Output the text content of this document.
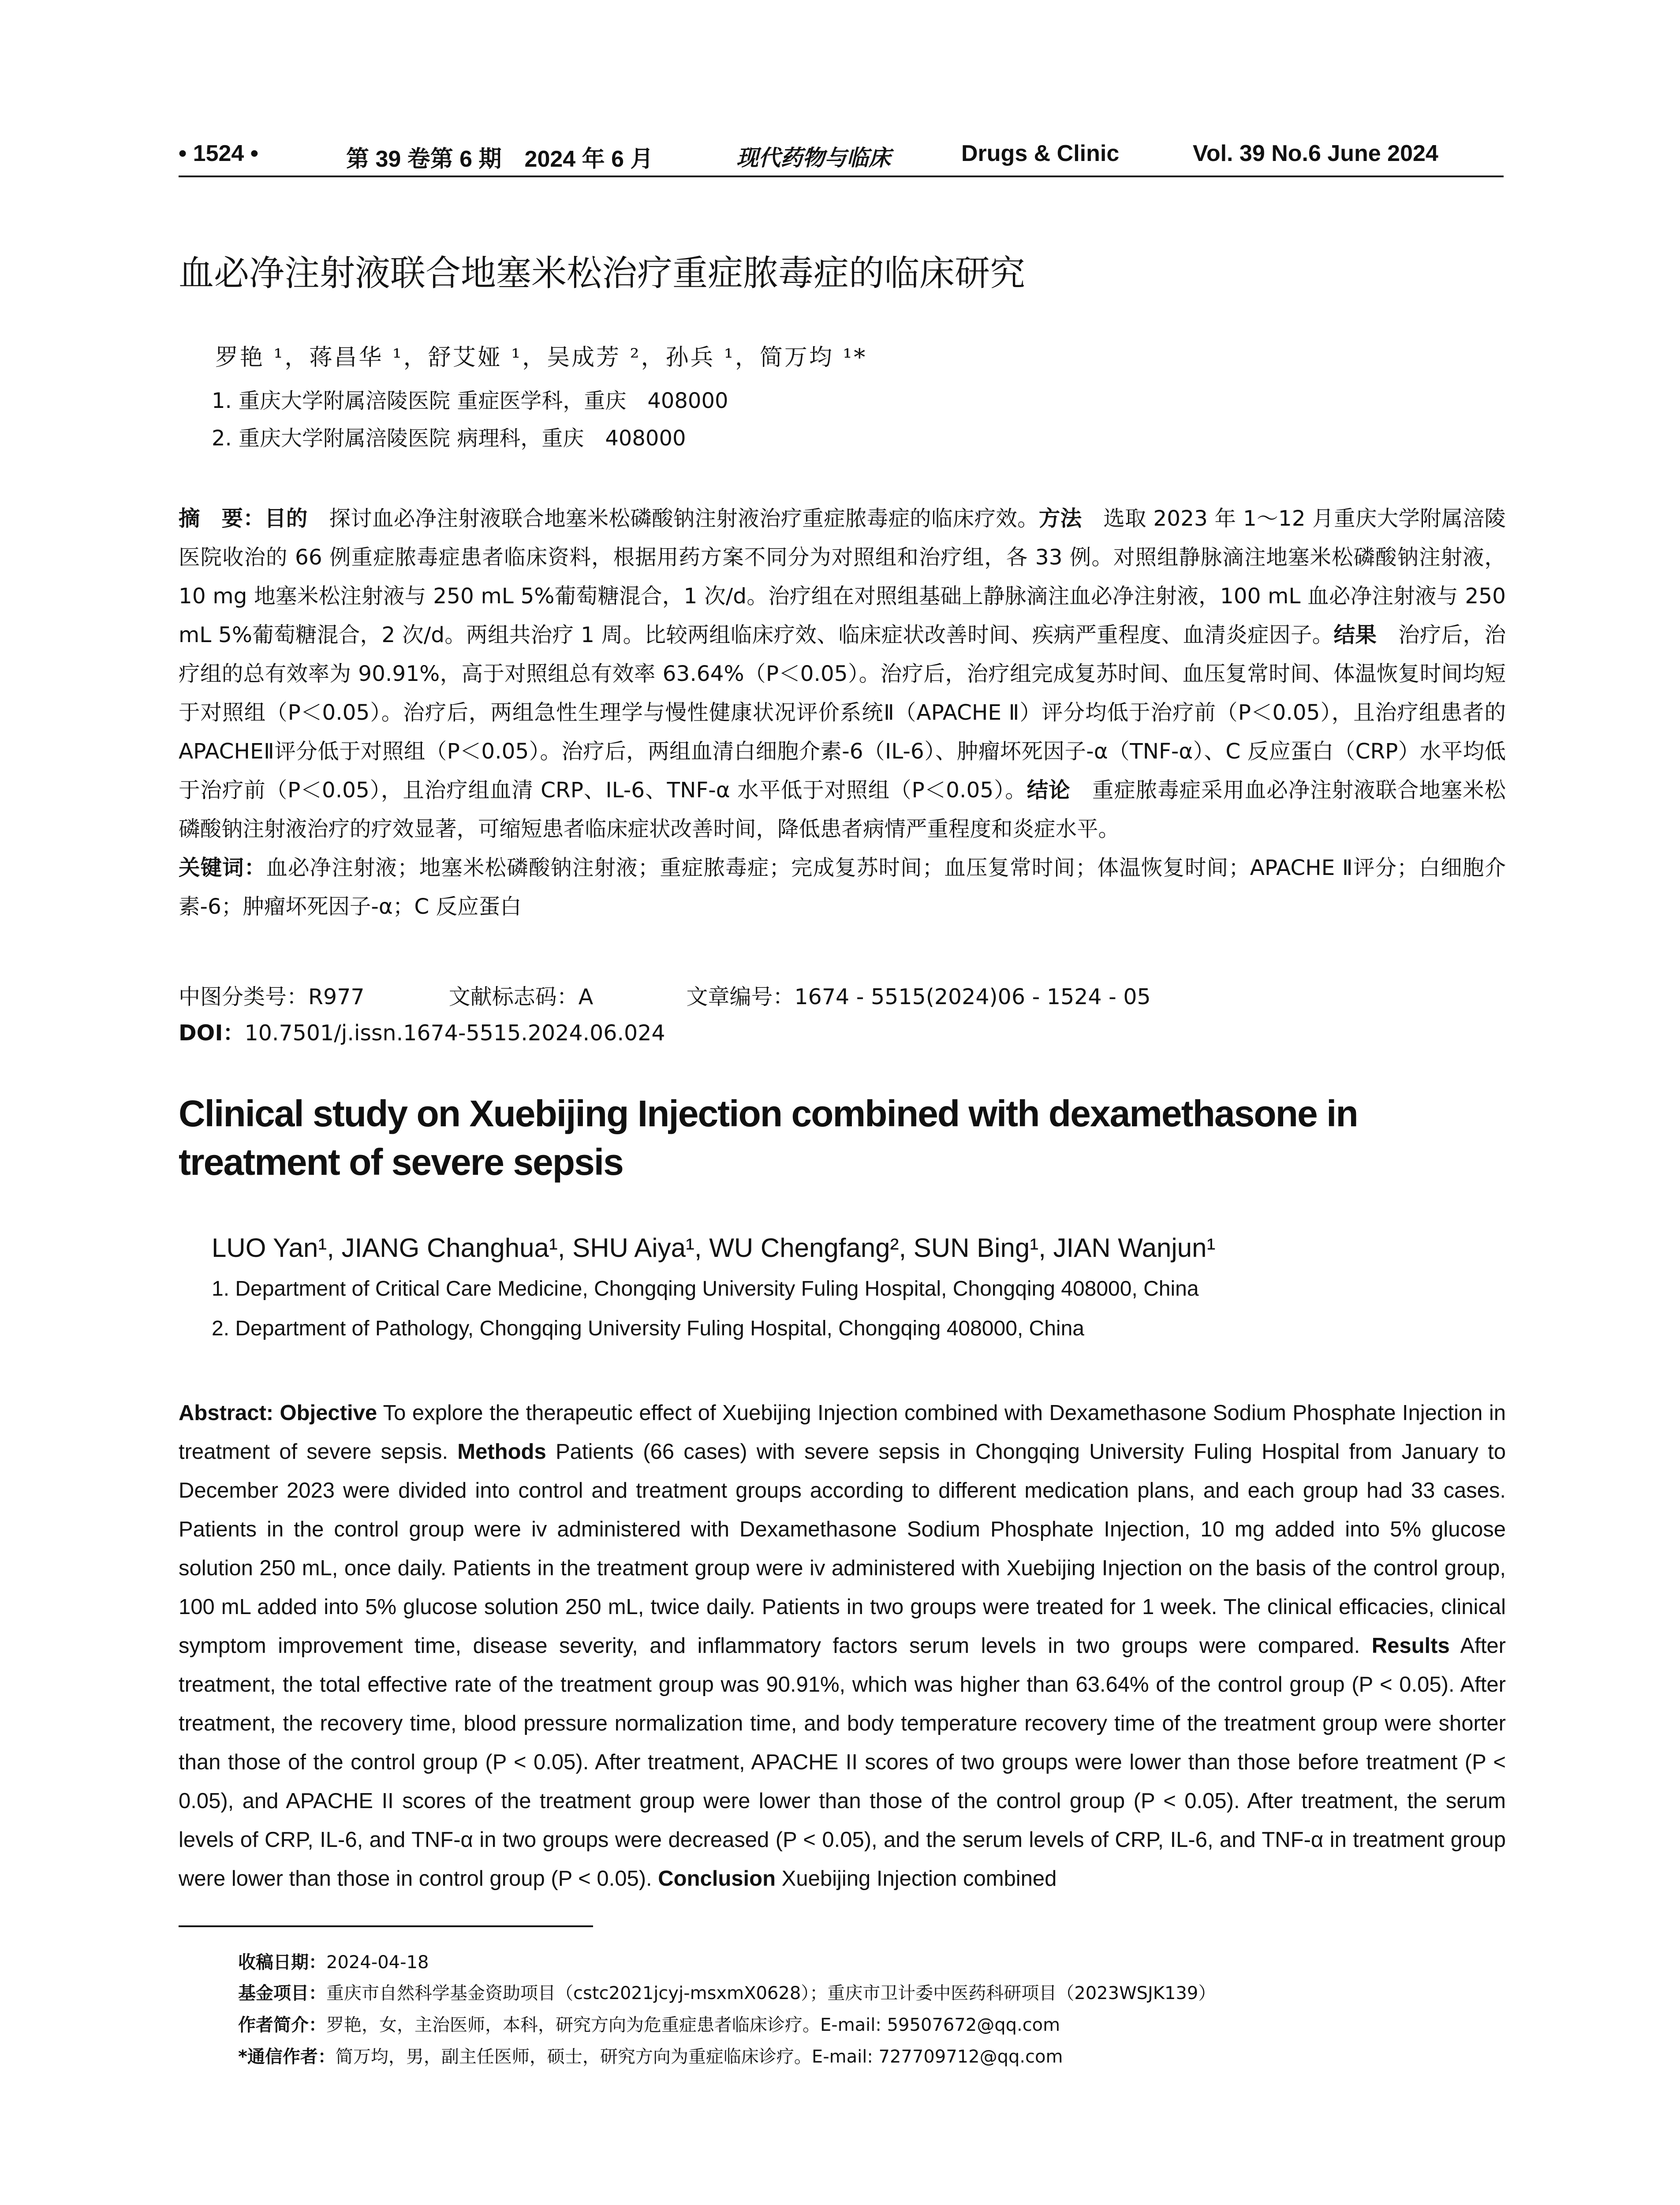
• 1524 •	第 39 卷第 6 期　2024 年 6 月	现代药物与临床	Drugs & Clinic	Vol. 39 No.6 June 2024
血必净注射液联合地塞米松治疗重症脓毒症的临床研究
罗艳 ¹，蒋昌华 ¹，舒艾娅 ¹，吴成芳 ²，孙兵 ¹，简万均 ¹*
1. 重庆大学附属涪陵医院 重症医学科，重庆　408000
2. 重庆大学附属涪陵医院 病理科，重庆　408000
摘　要：目的　探讨血必净注射液联合地塞米松磷酸钠注射液治疗重症脓毒症的临床疗效。方法　选取 2023 年 1～12 月重庆大学附属涪陵医院收治的 66 例重症脓毒症患者临床资料，根据用药方案不同分为对照组和治疗组，各 33 例。对照组静脉滴注地塞米松磷酸钠注射液，10 mg 地塞米松注射液与 250 mL 5%葡萄糖混合，1 次/d。治疗组在对照组基础上静脉滴注血必净注射液，100 mL 血必净注射液与 250 mL 5%葡萄糖混合，2 次/d。两组共治疗 1 周。比较两组临床疗效、临床症状改善时间、疾病严重程度、血清炎症因子。结果　治疗后，治疗组的总有效率为 90.91%，高于对照组总有效率 63.64%（P＜0.05）。治疗后，治疗组完成复苏时间、血压复常时间、体温恢复时间均短于对照组（P＜0.05）。治疗后，两组急性生理学与慢性健康状况评价系统Ⅱ（APACHE Ⅱ）评分均低于治疗前（P＜0.05），且治疗组患者的 APACHEⅡ评分低于对照组（P＜0.05）。治疗后，两组血清白细胞介素-6（IL-6）、肿瘤坏死因子-α（TNF-α）、C 反应蛋白（CRP）水平均低于治疗前（P＜0.05），且治疗组血清 CRP、IL-6、TNF-α 水平低于对照组（P＜0.05）。结论　重症脓毒症采用血必净注射液联合地塞米松磷酸钠注射液治疗的疗效显著，可缩短患者临床症状改善时间，降低患者病情严重程度和炎症水平。
关键词：血必净注射液；地塞米松磷酸钠注射液；重症脓毒症；完成复苏时间；血压复常时间；体温恢复时间；APACHE Ⅱ评分；白细胞介素-6；肿瘤坏死因子-α；C 反应蛋白
中图分类号：R977	文献标志码：A	文章编号：1674 - 5515(2024)06 - 1524 - 05
DOI：10.7501/j.issn.1674-5515.2024.06.024
Clinical study on Xuebijing Injection combined with dexamethasone in treatment of severe sepsis
LUO Yan¹, JIANG Changhua¹, SHU Aiya¹, WU Chengfang², SUN Bing¹, JIAN Wanjun¹
1. Department of Critical Care Medicine, Chongqing University Fuling Hospital, Chongqing 408000, China
2. Department of Pathology, Chongqing University Fuling Hospital, Chongqing 408000, China
Abstract: Objective To explore the therapeutic effect of Xuebijing Injection combined with Dexamethasone Sodium Phosphate Injection in treatment of severe sepsis. Methods Patients (66 cases) with severe sepsis in Chongqing University Fuling Hospital from January to December 2023 were divided into control and treatment groups according to different medication plans, and each group had 33 cases. Patients in the control group were iv administered with Dexamethasone Sodium Phosphate Injection, 10 mg added into 5% glucose solution 250 mL, once daily. Patients in the treatment group were iv administered with Xuebijing Injection on the basis of the control group, 100 mL added into 5% glucose solution 250 mL, twice daily. Patients in two groups were treated for 1 week. The clinical efficacies, clinical symptom improvement time, disease severity, and inflammatory factors serum levels in two groups were compared. Results After treatment, the total effective rate of the treatment group was 90.91%, which was higher than 63.64% of the control group (P < 0.05). After treatment, the recovery time, blood pressure normalization time, and body temperature recovery time of the treatment group were shorter than those of the control group (P < 0.05). After treatment, APACHE II scores of two groups were lower than those before treatment (P < 0.05), and APACHE II scores of the treatment group were lower than those of the control group (P < 0.05). After treatment, the serum levels of CRP, IL-6, and TNF-α in two groups were decreased (P < 0.05), and the serum levels of CRP, IL-6, and TNF-α in treatment group were lower than those in control group (P < 0.05). Conclusion Xuebijing Injection combined
收稿日期：2024-04-18
基金项目：重庆市自然科学基金资助项目（cstc2021jcyj-msxmX0628）；重庆市卫计委中医药科研项目（2023WSJK139）
作者简介：罗艳，女，主治医师，本科，研究方向为危重症患者临床诊疗。E-mail: 59507672@qq.com
*通信作者：简万均，男，副主任医师，硕士，研究方向为重症临床诊疗。E-mail: 727709712@qq.com
